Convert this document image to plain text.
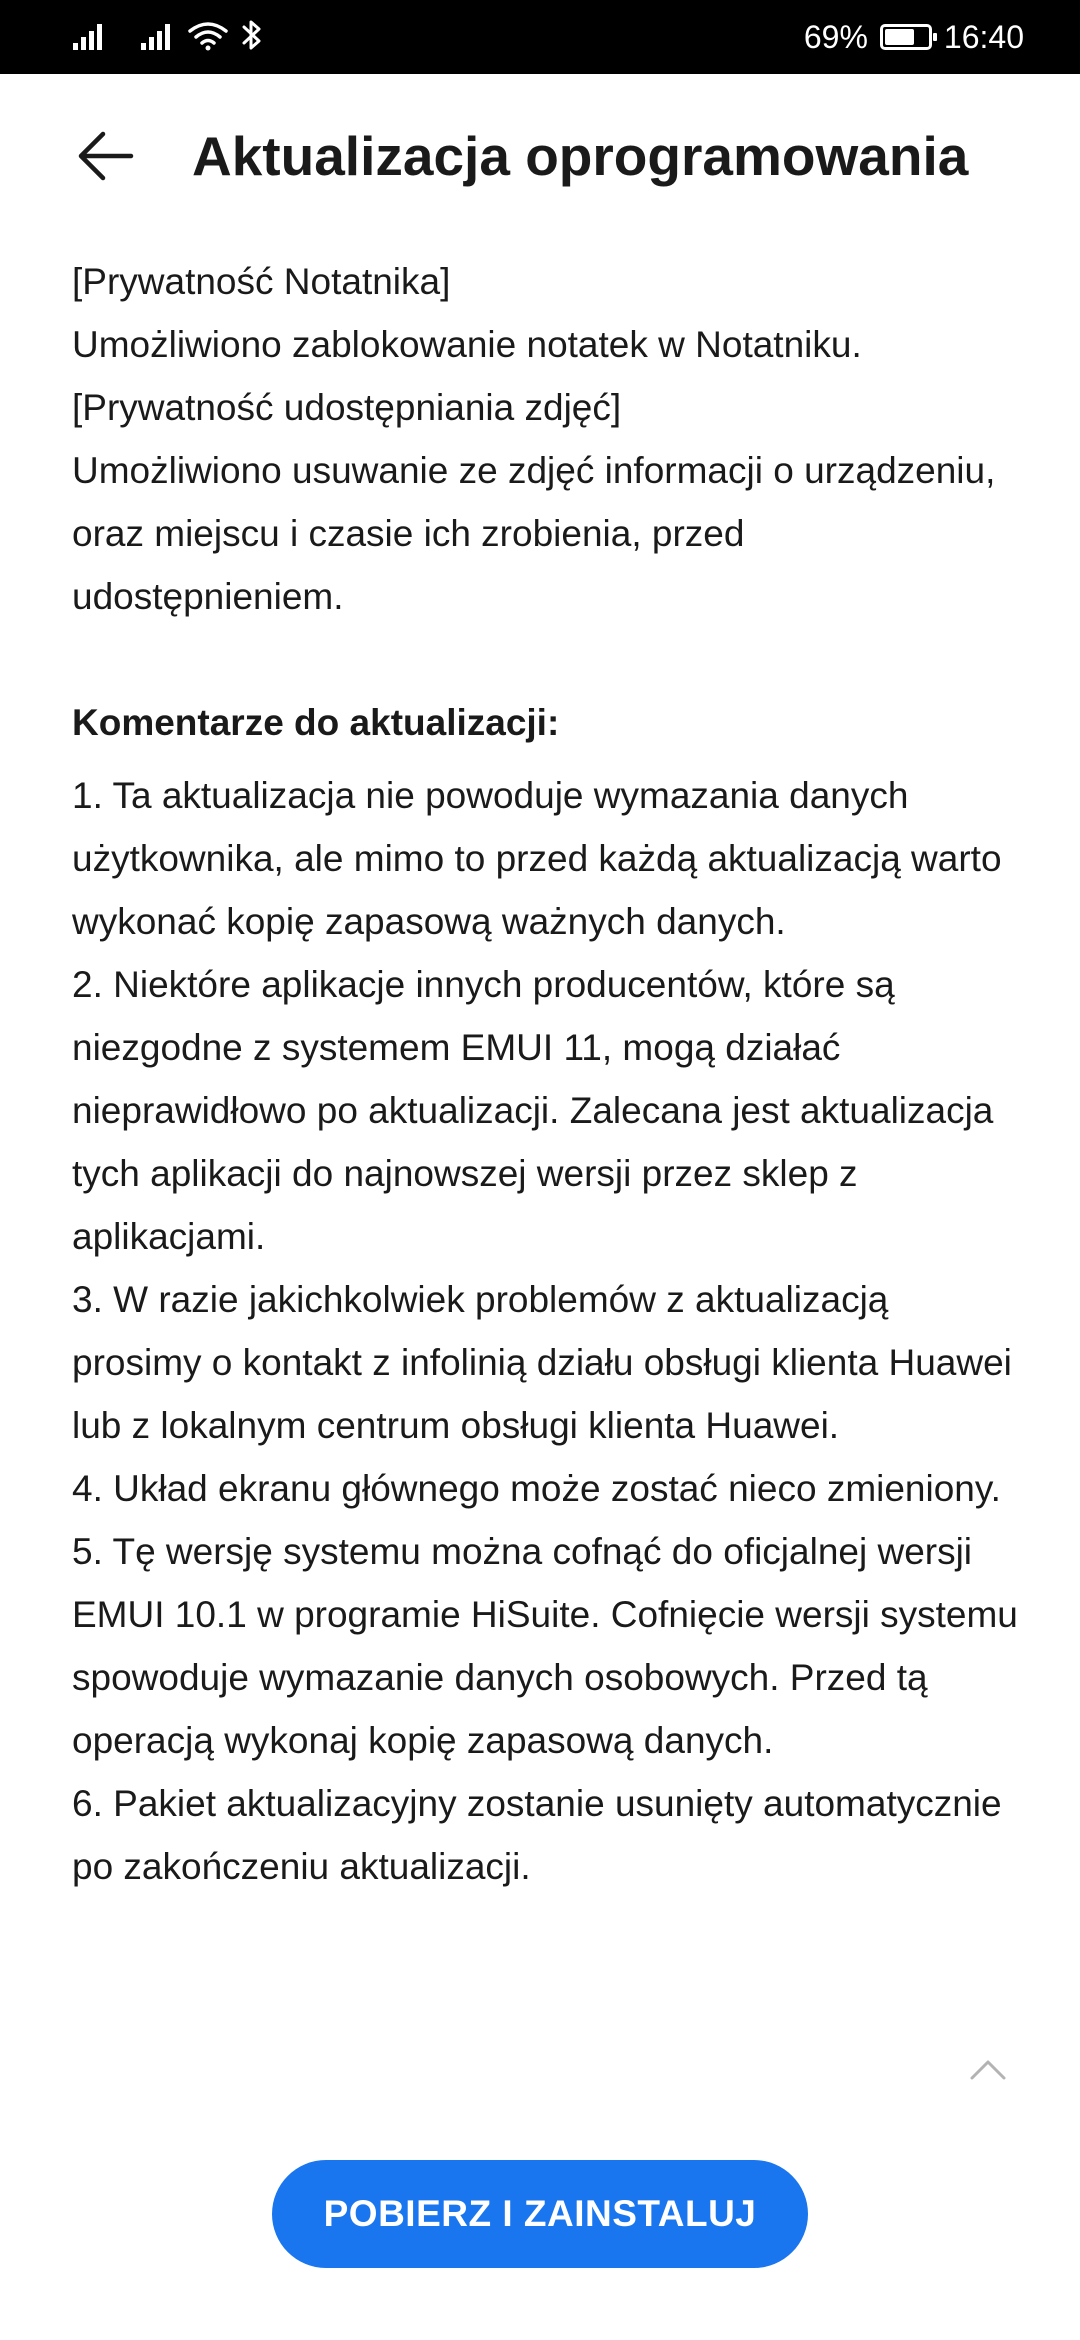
69% 16:40
Aktualizacja oprogramowania

[Prywatność Notatnika]

Umożliwiono zablokowanie notatek w Notatniku.

[Prywatność udostępniania zdjęć]

Umożliwiono usuwanie ze zdjęć informacji o urządzeniu, oraz miejscu i czasie ich zrobienia, przed udostępnieniem.

Komentarze do aktualizacji:

1. Ta aktualizacja nie powoduje wymazania danych użytkownika, ale mimo to przed każdą aktualizacją warto wykonać kopię zapasową ważnych danych.

2. Niektóre aplikacje innych producentów, które są niezgodne z systemem EMUI 11, mogą działać nieprawidłowo po aktualizacji. Zalecana jest aktualizacja tych aplikacji do najnowszej wersji przez sklep z aplikacjami.

3. W razie jakichkolwiek problemów z aktualizacją prosimy o kontakt z infolinią działu obsługi klienta Huawei lub z lokalnym centrum obsługi klienta Huawei.

4. Układ ekranu głównego może zostać nieco zmieniony.

5. Tę wersję systemu można cofnąć do oficjalnej wersji EMUI 10.1 w programie HiSuite. Cofnięcie wersji systemu spowoduje wymazanie danych osobowych. Przed tą operacją wykonaj kopię zapasową danych.

6. Pakiet aktualizacyjny zostanie usunięty automatycznie po zakończeniu aktualizacji.

POBIERZ I ZAINSTALUJ
